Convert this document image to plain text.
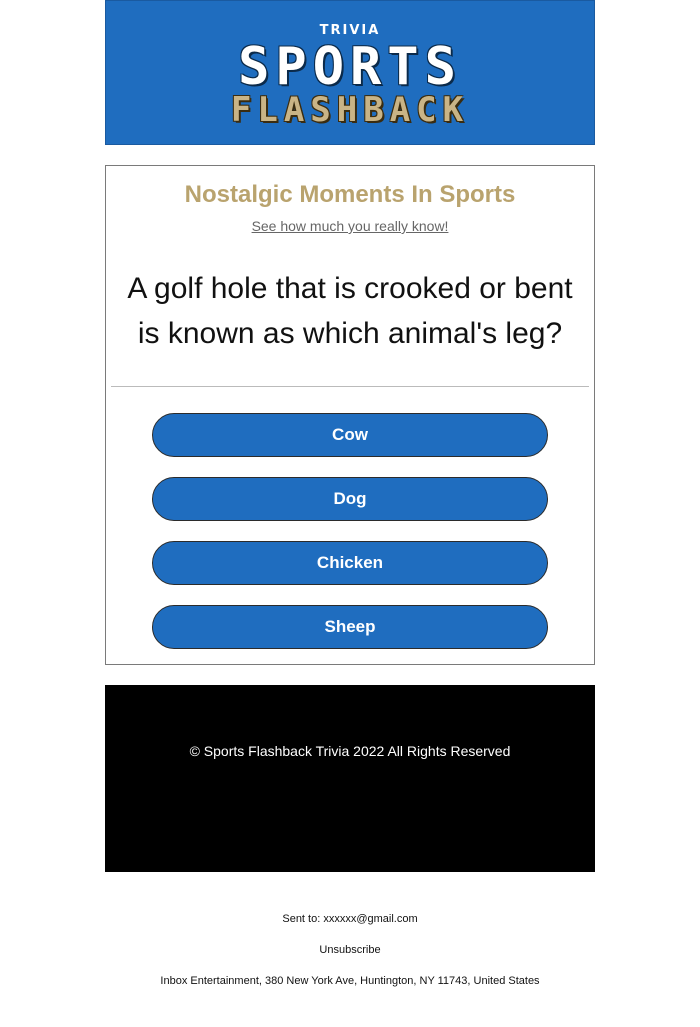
TRIVIA
SPORTS
FLASHBACK
Nostalgic Moments In Sports
See how much you really know!
A golf hole that is crooked or bent is known as which animal's leg?
Cow
Dog
Chicken
Sheep
© Sports Flashback Trivia 2022 All Rights Reserved
Sent to: xxxxxx@gmail.com
Unsubscribe
Inbox Entertainment, 380 New York Ave, Huntington, NY 11743, United States
